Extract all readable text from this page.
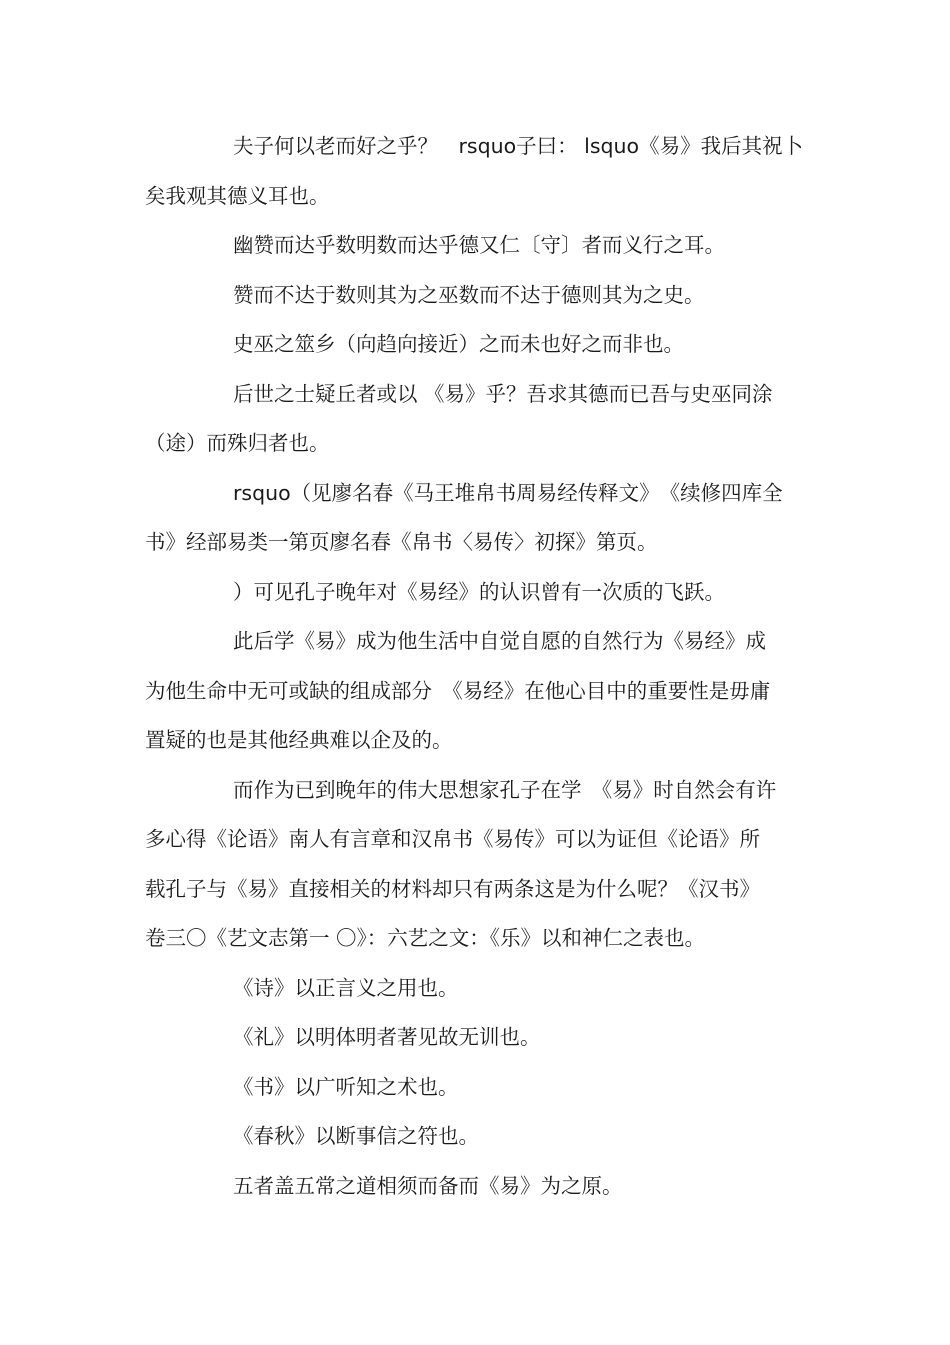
夫子何以老而好之乎？　rsquo子曰： lsquo《易》我后其祝卜
矣我观其德义耳也。

幽赞而达乎数明数而达乎德又仁〔守〕者而义行之耳。

赞而不达于数则其为之巫数而不达于德则其为之史。

史巫之筮乡（向趋向接近）之而未也好之而非也。

后世之士疑丘者或以 《易》乎？吾求其德而已吾与史巫同涂
（途）而殊归者也。

rsquo（见廖名春《马王堆帛书周易经传释文》　《续修四库全
书》经部易类一第页廖名春《帛书〈易传〉初探》第页。

）可见孔子晚年对《易经》的认识曾有一次质的飞跃。

此后学《易》成为他生活中自觉自愿的自然行为《易经》成
为他生命中无可或缺的组成部分　《易经》在他心目中的重要性是毋庸
置疑的也是其他经典难以企及的。

而作为已到晚年的伟大思想家孔子在学　《易》时自然会有许
多心得《论语》南人有言章和汉帛书《易传》可以为证但《论语》所
载孔子与《易》直接相关的材料却只有两条这是为什么呢？《汉书》
卷三〇《艺文志第一 〇》：六艺之文：《乐》以和神仁之表也。

《诗》以正言义之用也。

《礼》以明体明者著见故无训也。

《书》以广听知之术也。

《春秋》以断事信之符也。

五者盖五常之道相须而备而《易》为之原。
